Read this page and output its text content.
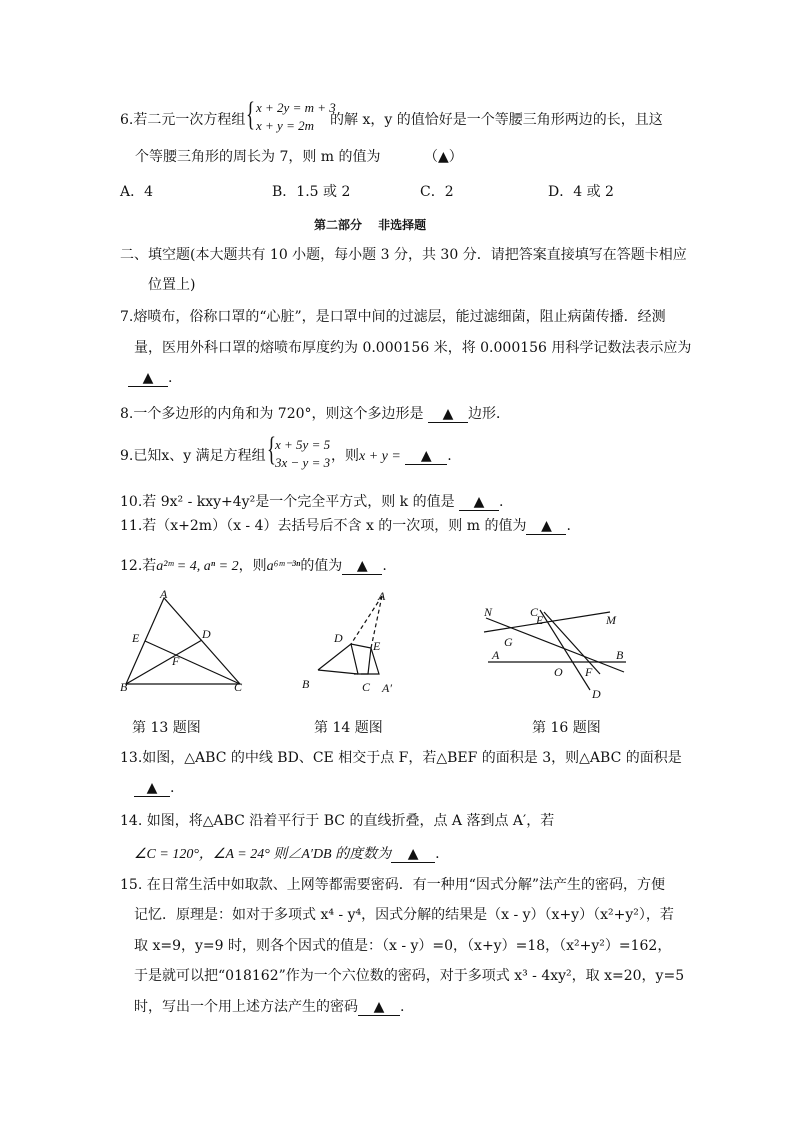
6.若二元一次方程组 { x + 2y = m + 3
x + y = 2m 的解 x，y 的值恰好是一个等腰三角形两边的长，且这
个等腰三角形的周长为 7，则 m 的值为	（▲）
A．4	B．1.5 或 2	C．2	D．4 或 2
第二部分　 非选择题
二、填空题(本大题共有 10 小题，每小题 3 分，共 30 分．请把答案直接填写在答题卡相应
位置上)
7.熔喷布，俗称口罩的“心脏”，是口罩中间的过滤层，能过滤细菌，阻止病菌传播．经测
量，医用外科口罩的熔喷布厚度约为 0.000156 米，将 0.000156 用科学记数法表示应为
▲ .
8.一个多边形的内角和为 720°，则这个多边形是 ▲ 边形．
9.已知x、y 满足方程组 { x + 5y = 5
3x − y = 3 ，则x + y = ▲ .
10.若 9x² - kxy+4y²是一个完全平方式，则 k 的值是 ▲ .
11.若（x+2m）（x - 4）去括号后不含 x 的一次项，则 m 的值为 ▲ .
12.若a²ᵐ = 4, aⁿ = 2，则a⁶ᵐ⁻³ⁿ的值为 ▲ .
A
B	C
D
E
F
A
B	C
D
E
A′
N	C
E	M
G
A	B
O F
D
第 13 题图	第 14 题图	第 16 题图
13.如图，△ABC 的中线 BD、CE 相交于点 F，若△BEF 的面积是 3，则△ABC 的面积是
▲ .
14. 如图，将△ABC 沿着平行于 BC 的直线折叠，点 A 落到点 A′，若
∠C = 120°，∠A = 24° 则∠A′DB 的度数为 ▲ .
15. 在日常生活中如取款、上网等都需要密码．有一种用“因式分解”法产生的密码，方便
记忆．原理是：如对于多项式 x⁴ - y⁴，因式分解的结果是（x - y）（x+y）（x²+y²），若
取 x=9，y=9 时，则各个因式的值是：（x - y）=0，（x+y）=18，（x²+y²）=162，
于是就可以把“018162”作为一个六位数的密码，对于多项式 x³ - 4xy²，取 x=20，y=5
时，写出一个用上述方法产生的密码 ▲ .
